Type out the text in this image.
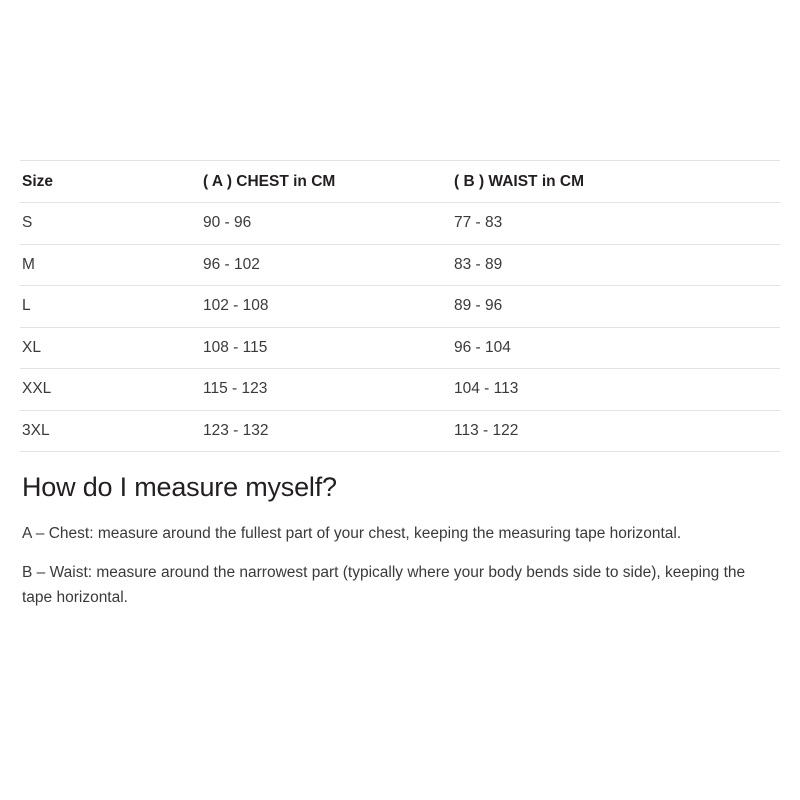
Size	( A ) CHEST in CM	( B ) WAIST in CM
S	90 - 96	77 - 83
M	96 - 102	83 - 89
L	102 - 108	89 - 96
XL	108 - 115	96 - 104
XXL	115 - 123	104 - 113
3XL	123 - 132	113 - 122
How do I measure myself?

A – Chest: measure around the fullest part of your chest, keeping the measuring tape horizontal.

B – Waist: measure around the narrowest part (typically where your body bends side to side), keeping the tape horizontal.
